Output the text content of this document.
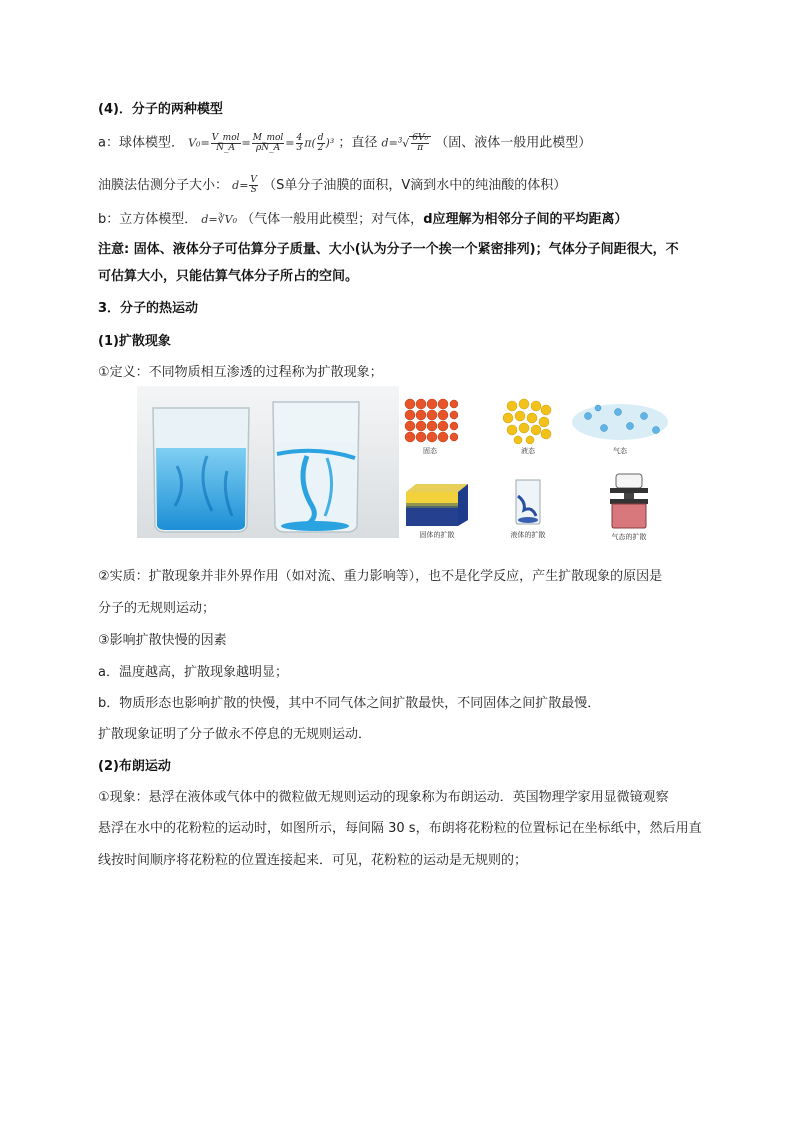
(4)．分子的两种模型
a：球体模型． $V_0= \frac{\text{V\_mol}}{N\_A} = \frac{\text{M\_mol}}{\rho N\_A} = \frac{4}{3} \pi( \frac{d}{2} )^3$ ；直径 $d=^3√ \frac{\text{6V₀}}{\pi}$ （固、液体一般用此模型）
油膜法估测分子大小： $d= \frac{V}{S} (S$单分子油膜的面积，V滴到水中的纯油酸的体积）
b：立方体模型． d=∛V₀ （气体一般用此模型；对气体，d应理解为相邻分子间的平均距离）
注意: 固体、液体分子可估算分子质量、大小(认为分子一个挨一个紧密排列)；气体分子间距很大，不
可估算大小，只能估算气体分子所占的空间。
3．分子的热运动
(1)扩散现象
①定义：不同物质相互渗透的过程称为扩散现象；
固态	液态	气态
固体的扩散	液体的扩散	气态的扩散
②实质：扩散现象并非外界作用（如对流、重力影响等），也不是化学反应，产生扩散现象的原因是
分子的无规则运动；
③影响扩散快慢的因素
a．温度越高，扩散现象越明显；
b．物质形态也影响扩散的快慢，其中不同气体之间扩散最快，不同固体之间扩散最慢．
扩散现象证明了分子做永不停息的无规则运动．
(2)布朗运动
①现象：悬浮在液体或气体中的微粒做无规则运动的现象称为布朗运动．英国物理学家用显微镜观察
悬浮在水中的花粉粒的运动时，如图所示，每间隔 30 s，布朗将花粉粒的位置标记在坐标纸中，然后用直
线按时间顺序将花粉粒的位置连接起来．可见，花粉粒的运动是无规则的；
